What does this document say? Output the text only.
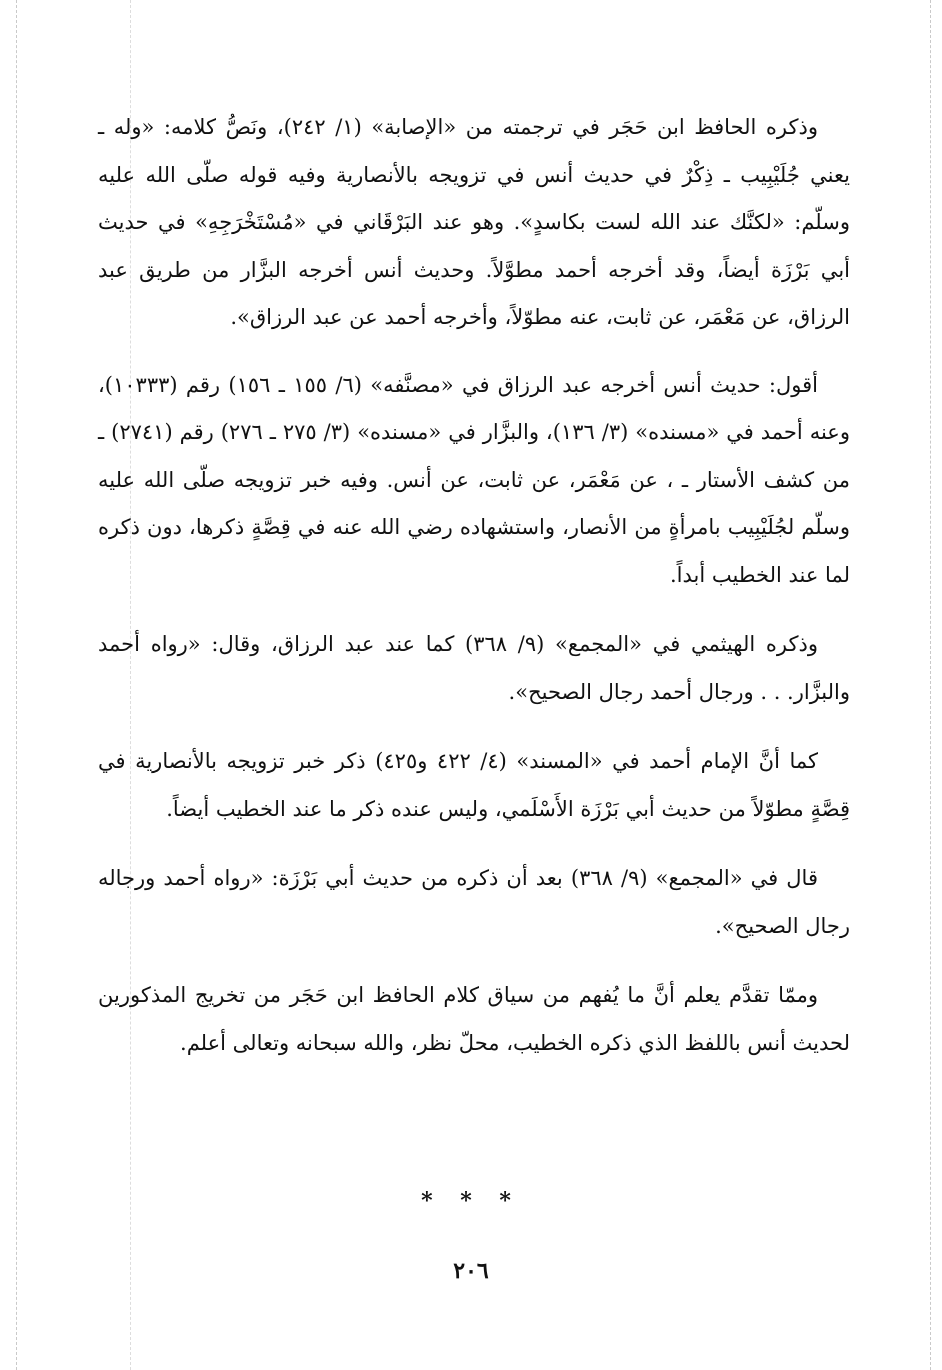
وذكره الحافظ ابن حَجَر في ترجمته من «الإصابة» (١/ ٢٤٢)، ونَصُّ كلامه: «وله ـ يعني جُلَيْبِيب ـ ذِكْرٌ في حديث أنس في تزويجه بالأنصارية وفيه قوله صلّى الله عليه وسلّم: «لكنَّك عند الله لست بكاسدٍ». وهو عند البَرْقَاني في «مُسْتَخْرَجِهِ» في حديث أبي بَرْزَة أيضاً، وقد أخرجه أحمد مطوَّلاً. وحديث أنس أخرجه البزَّار من طريق عبد الرزاق، عن مَعْمَر، عن ثابت، عنه مطوّلاً، وأخرجه أحمد عن عبد الرزاق».

أقول: حديث أنس أخرجه عبد الرزاق في «مصنَّفه» (٦/ ١٥٥ ـ ١٥٦) رقم (١٠٣٣٣)، وعنه أحمد في «مسنده» (٣/ ١٣٦)، والبزَّار في «مسنده» (٣/ ٢٧٥ ـ ٢٧٦) رقم (٢٧٤١) ـ من كشف الأستار ـ ، عن مَعْمَر، عن ثابت، عن أنس. وفيه خبر تزويجه صلّى الله عليه وسلّم لجُلَيْبِيب بامرأةٍ من الأنصار، واستشهاده رضي الله عنه في قِصَّةٍ ذكرها، دون ذكره لما عند الخطيب أبداً.

وذكره الهيثمي في «المجمع» (٩/ ٣٦٨) كما عند عبد الرزاق، وقال: «رواه أحمد والبزَّار. . . ورجال أحمد رجال الصحيح».

كما أنَّ الإمام أحمد في «المسند» (٤/ ٤٢٢ و٤٢٥) ذكر خبر تزويجه بالأنصارية في قِصَّةٍ مطوّلاً من حديث أبي بَرْزَة الأَسْلَمي، وليس عنده ذكر ما عند الخطيب أيضاً.

قال في «المجمع» (٩/ ٣٦٨) بعد أن ذكره من حديث أبي بَرْزَة: «رواه أحمد ورجاله رجال الصحيح».

وممّا تقدَّم يعلم أنَّ ما يُفهم من سياق كلام الحافظ ابن حَجَر من تخريج المذكورين لحديث أنس باللفظ الذي ذكره الخطيب، محلّ نظر، والله سبحانه وتعالى أعلم.

* * *
٢٠٦
